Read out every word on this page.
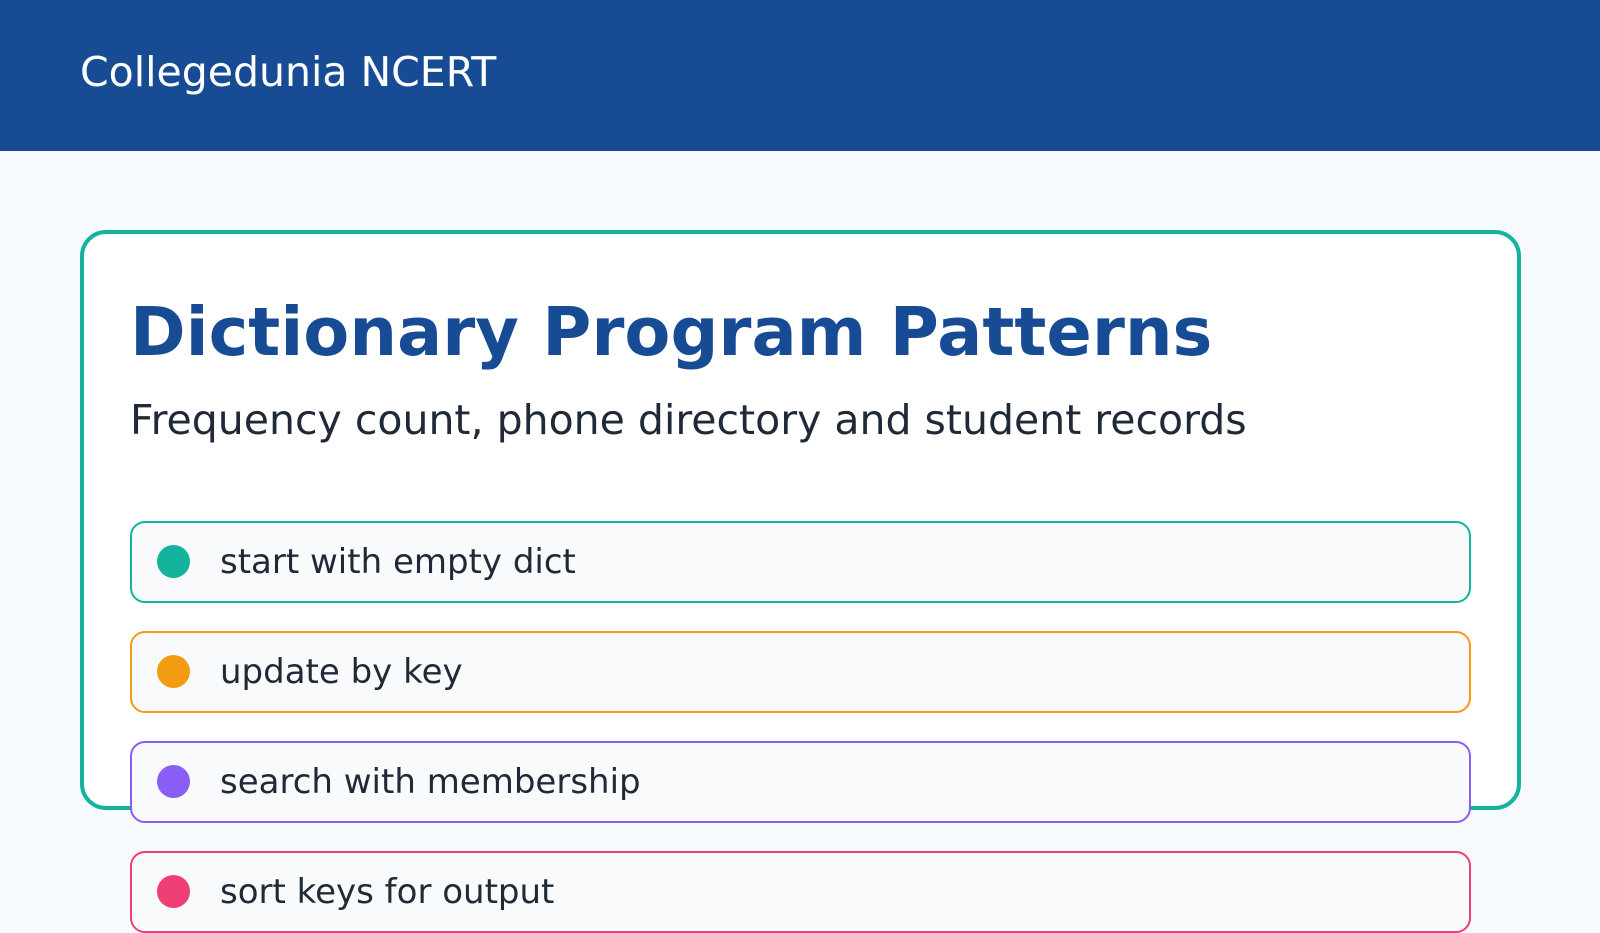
Collegedunia NCERT
Dictionary Program Patterns
Frequency count, phone directory and student records
start with empty dict
update by key
search with membership
sort keys for output
